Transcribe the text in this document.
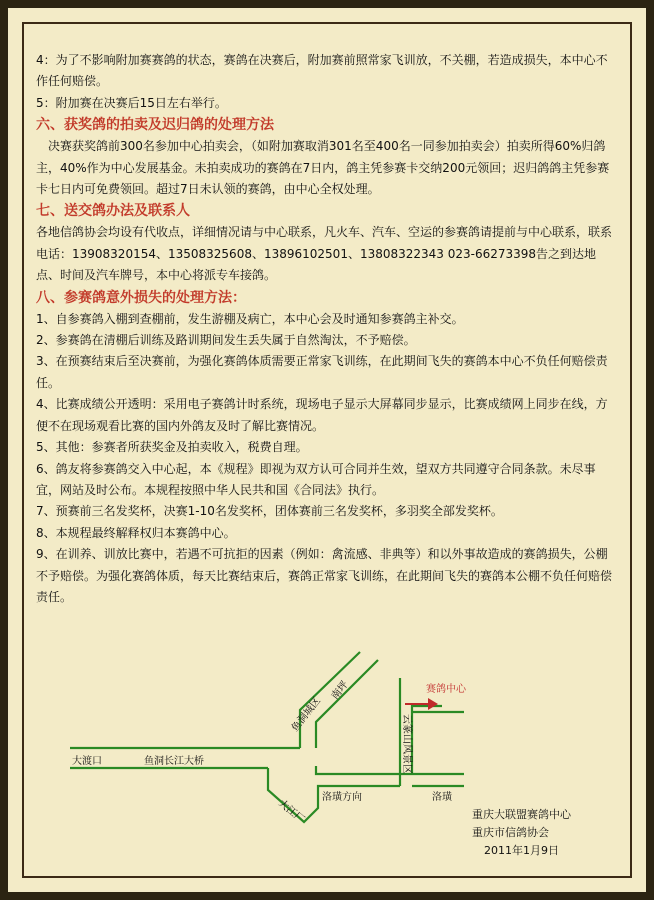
4：为了不影响附加赛赛鸽的状态，赛鸽在决赛后，附加赛前照常家飞训放，不关棚，若造成损失，本中心不作任何赔偿。

5：附加赛在决赛后15日左右举行。

六、获奖鸽的拍卖及迟归鸽的处理方法

　决赛获奖鸽前300名参加中心拍卖会，（如附加赛取消301名至400名一同参加拍卖会）拍卖所得60%归鸽主，40%作为中心发展基金。未拍卖成功的赛鸽在7日内，鸽主凭参赛卡交纳200元领回；迟归鸽鸽主凭参赛卡七日内可免费领回。超过7日未认领的赛鸽，由中心全权处理。

七、送交鸽办法及联系人

各地信鸽协会均设有代收点，详细情况请与中心联系，凡火车、汽车、空运的参赛鸽请提前与中心联系，联系电话：13908320154、13508325608、13896102501、13808322343 023-66273398告之到达地点、时间及汽车牌号，本中心将派专车接鸽。

八、参赛鸽意外损失的处理方法：

1、自参赛鸽入棚到查棚前，发生游棚及病亡，本中心会及时通知参赛鸽主补交。

2、参赛鸽在清棚后训练及路训期间发生丢失属于自然淘汰，不予赔偿。

3、在预赛结束后至决赛前，为强化赛鸽体质需要正常家飞训练，在此期间飞失的赛鸽本中心不负任何赔偿责任。

4、比赛成绩公开透明：采用电子赛鸽计时系统，现场电子显示大屏幕同步显示，比赛成绩网上同步在线，方便不在现场观看比赛的国内外鸽友及时了解比赛情况。

5、其他：参赛者所获奖金及拍卖收入，税费自理。

6、鸽友将参赛鸽交入中心起，本《规程》即视为双方认可合同并生效，望双方共同遵守合同条款。未尽事宜，网站及时公布。本规程按照中华人民共和国《合同法》执行。

7、预赛前三名发奖杯，决赛1-10名发奖杯，团体赛前三名发奖杯，多羽奖全部发奖杯。

8、本规程最终解释权归本赛鸽中心。

9、在训养、训放比赛中，若遇不可抗拒的因素（例如：禽流感、非典等）和以外事故造成的赛鸽损失，公棚不予赔偿。为强化赛鸽体质，每天比赛结束后，赛鸽正常家飞训练，在此期间飞失的赛鸽本公棚不负任何赔偿责任。

大渡口	鱼洞长江大桥
鱼洞城区
南坪
大江厂
洛璜方向	洛璜
云篆山风景区
赛鸽中心
重庆大联盟赛鸽中心
重庆市信鸽协会
2011年1月9日
